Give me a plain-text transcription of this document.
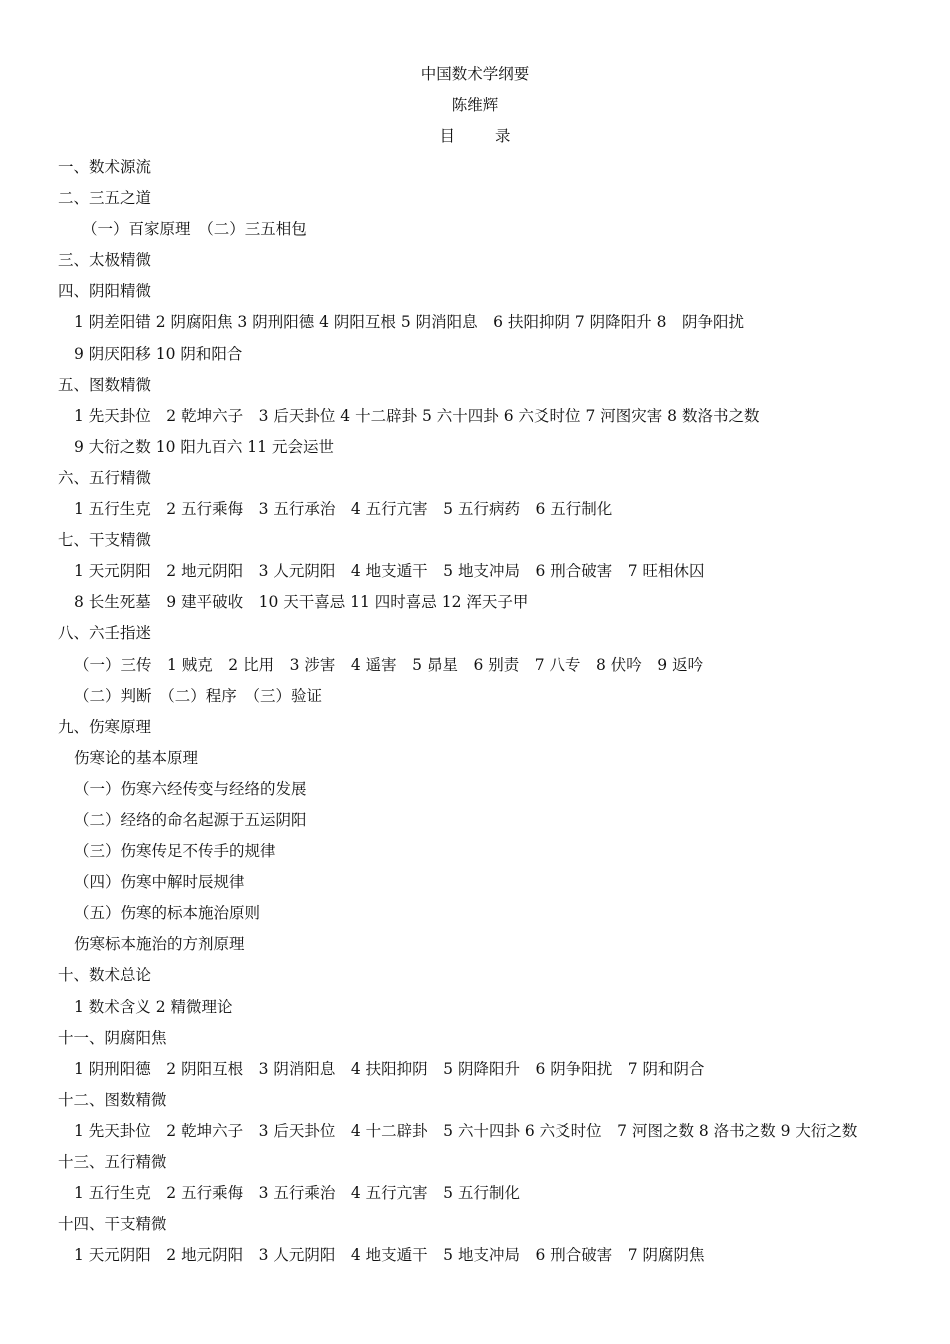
中国数术学纲要
陈维辉
目	录
一、数术源流
二、三五之道
（一）百家原理　（二）三五相包
三、太极精微
四、阴阳精微
1 阴差阳错 2 阴腐阳焦 3 阴刑阳德 4 阴阳互根 5 阴消阳息　6 扶阳抑阴 7 阴降阳升 8　阴争阳扰
9 阴厌阳移 10 阴和阳合
五、图数精微
1 先天卦位　2 乾坤六子　3 后天卦位 4 十二辟卦 5 六十四卦 6 六爻时位 7 河图灾害 8 数洛书之数
9 大衍之数 10 阳九百六 11 元会运世
六、五行精微
1 五行生克　2 五行乘侮　3 五行承治　4 五行亢害　5 五行病药　6 五行制化
七、干支精微
1 天元阴阳　2 地元阴阳　3 人元阴阳　4 地支遁干　5 地支冲局　6 刑合破害　7 旺相休囚
8 长生死墓　9 建平破收　10 天干喜忌 11 四时喜忌 12 浑天子甲
八、六壬指迷
（一）三传　1 贼克　2 比用　3 涉害　4 遥害　5 昴星　6 别责　7 八专　8 伏吟　9 返吟
（二）判断　（二）程序　（三）验证
九、伤寒原理
伤寒论的基本原理
（一）伤寒六经传变与经络的发展
（二）经络的命名起源于五运阴阳
（三）伤寒传足不传手的规律
（四）伤寒中解时辰规律
（五）伤寒的标本施治原则
伤寒标本施治的方剂原理
十、数术总论
1 数术含义 2 精微理论
十一、阴腐阳焦
1 阴刑阳德　2 阴阳互根　3 阴消阳息　4 扶阳抑阴　5 阴降阳升　6 阴争阳扰　7 阴和阴合
十二、图数精微
1 先天卦位　2 乾坤六子　3 后天卦位　4 十二辟卦　5 六十四卦 6 六爻时位　7 河图之数 8 洛书之数 9 大衍之数
十三、五行精微
1 五行生克　2 五行乘侮　3 五行乘治　4 五行亢害　5 五行制化
十四、干支精微
1 天元阴阳　2 地元阴阳　3 人元阴阳　4 地支遁干　5 地支冲局　6 刑合破害　7 阴腐阴焦
